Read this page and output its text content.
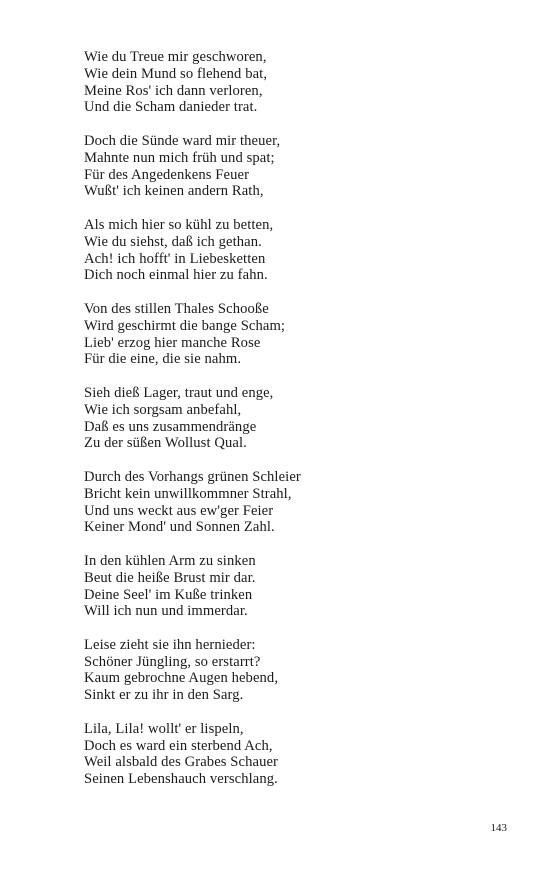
Wie du Treue mir geschworen,
Wie dein Mund so flehend bat,
Meine Ros' ich dann verloren,
Und die Scham danieder trat.
Doch die Sünde ward mir theuer,
Mahnte nun mich früh und spat;
Für des Angedenkens Feuer
Wußt' ich keinen andern Rath,
Als mich hier so kühl zu betten,
Wie du siehst, daß ich gethan.
Ach! ich hofft' in Liebesketten
Dich noch einmal hier zu fahn.
Von des stillen Thales Schooße
Wird geschirmt die bange Scham;
Lieb' erzog hier manche Rose
Für die eine, die sie nahm.
Sieh dieß Lager, traut und enge,
Wie ich sorgsam anbefahl,
Daß es uns zusammendränge
Zu der süßen Wollust Qual.
Durch des Vorhangs grünen Schleier
Bricht kein unwillkommner Strahl,
Und uns weckt aus ew'ger Feier
Keiner Mond' und Sonnen Zahl.
In den kühlen Arm zu sinken
Beut die heiße Brust mir dar.
Deine Seel' im Kuße trinken
Will ich nun und immerdar.
Leise zieht sie ihn hernieder:
Schöner Jüngling, so erstarrt?
Kaum gebrochne Augen hebend,
Sinkt er zu ihr in den Sarg.
Lila, Lila! wollt' er lispeln,
Doch es ward ein sterbend Ach,
Weil alsbald des Grabes Schauer
Seinen Lebenshauch verschlang.
143
